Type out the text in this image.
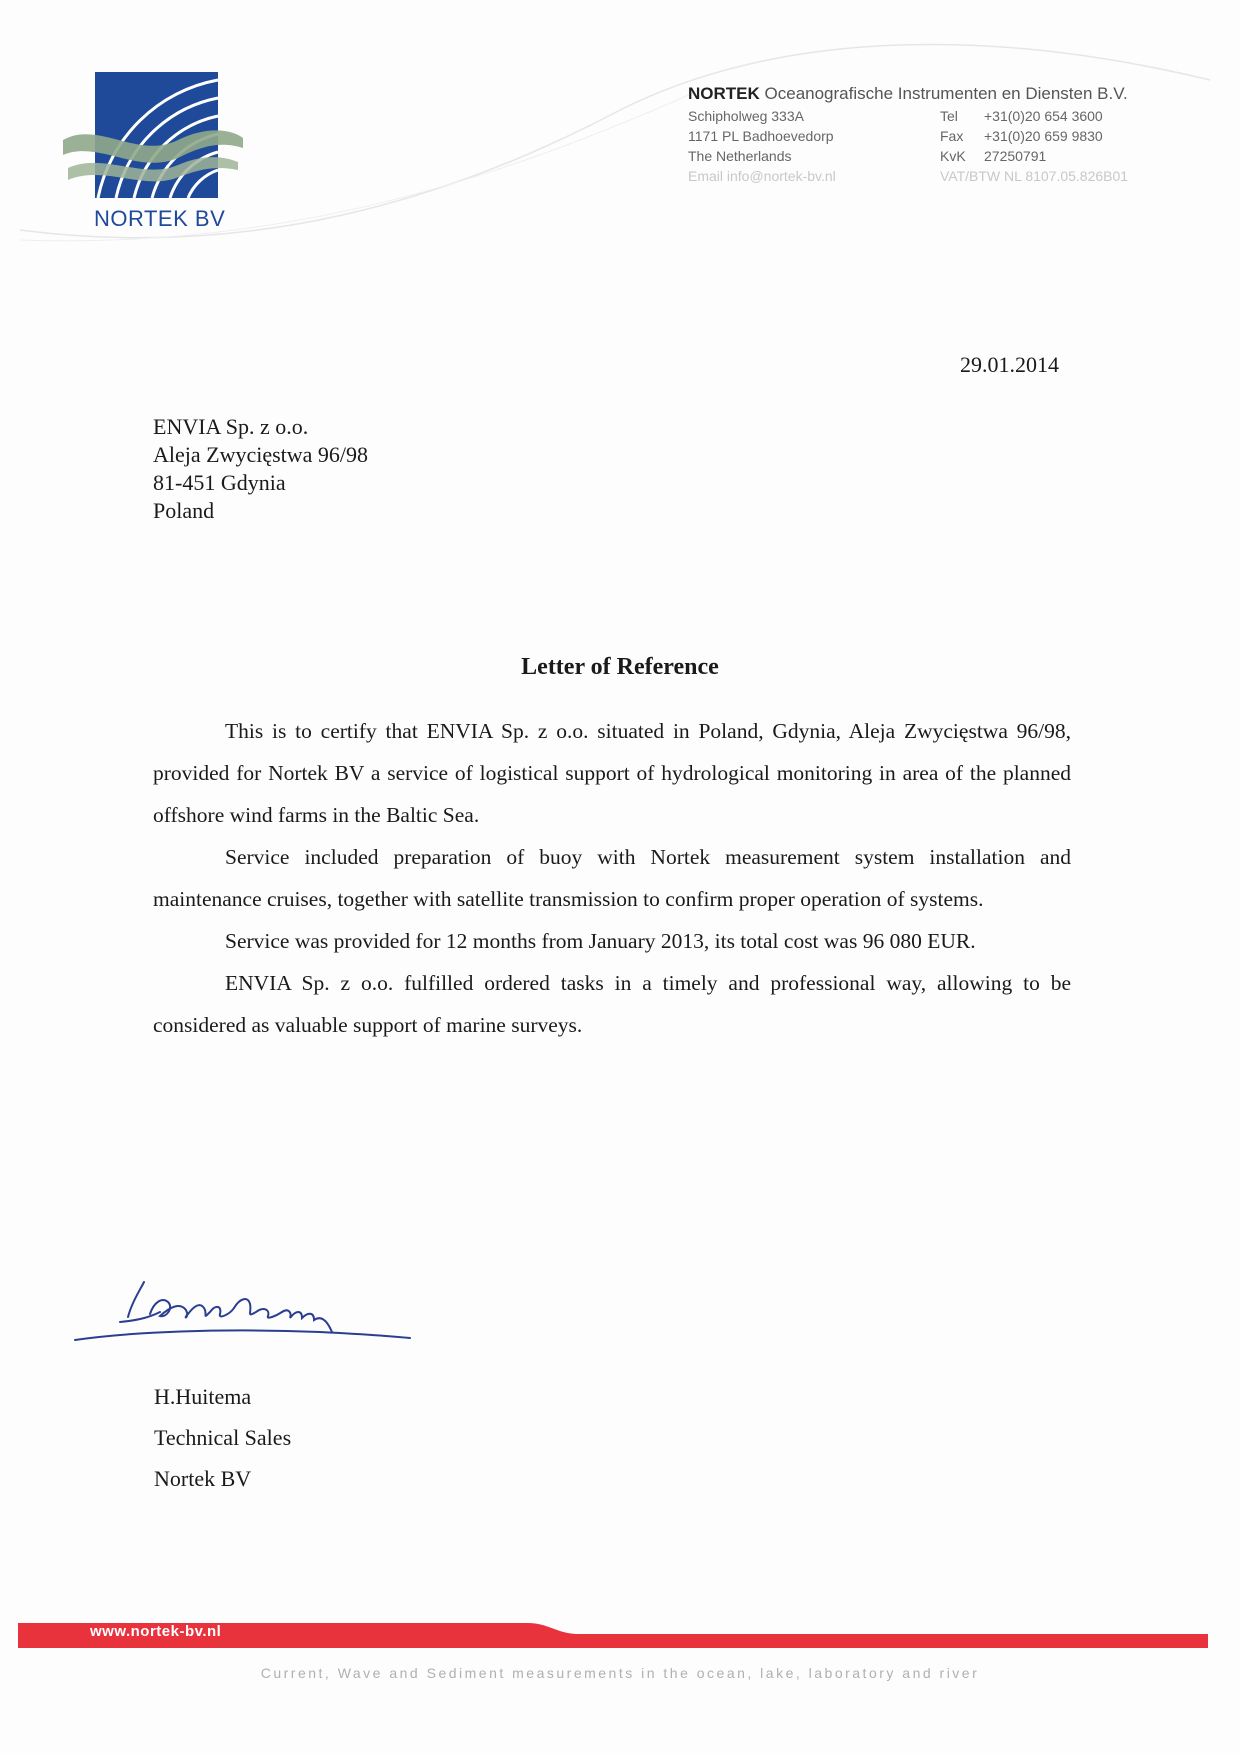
NORTEK BV
NORTEK Oceanografische Instrumenten en Diensten B.V.
Schipholweg 333A	Tel +31(0)20 654 3600
1171 PL Badhoevedorp	Fax +31(0)20 659 9830
The Netherlands	KvK 27250791
Email info@nortek-bv.nl	VAT/BTW NL 8107.05.826B01
29.01.2014
ENVIA Sp. z o.o.
Aleja Zwycięstwa 96/98
81-451 Gdynia
Poland
Letter of Reference

This is to certify that ENVIA Sp. z o.o. situated in Poland, Gdynia, Aleja Zwycięstwa 96/98, provided for Nortek BV a service of logistical support of hydrological monitoring in area of the planned offshore wind farms in the Baltic Sea.

Service included preparation of buoy with Nortek measurement system installation and maintenance cruises, together with satellite transmission to confirm proper operation of systems.

Service was provided for 12 months from January 2013, its total cost was 96 080 EUR.

ENVIA Sp. z o.o. fulfilled ordered tasks in a timely and professional way, allowing to be considered as valuable support of marine surveys.

H.Huitema
Technical Sales
Nortek BV
www.nortek-bv.nl
Current, Wave and Sediment measurements in the ocean, lake, laboratory and river
